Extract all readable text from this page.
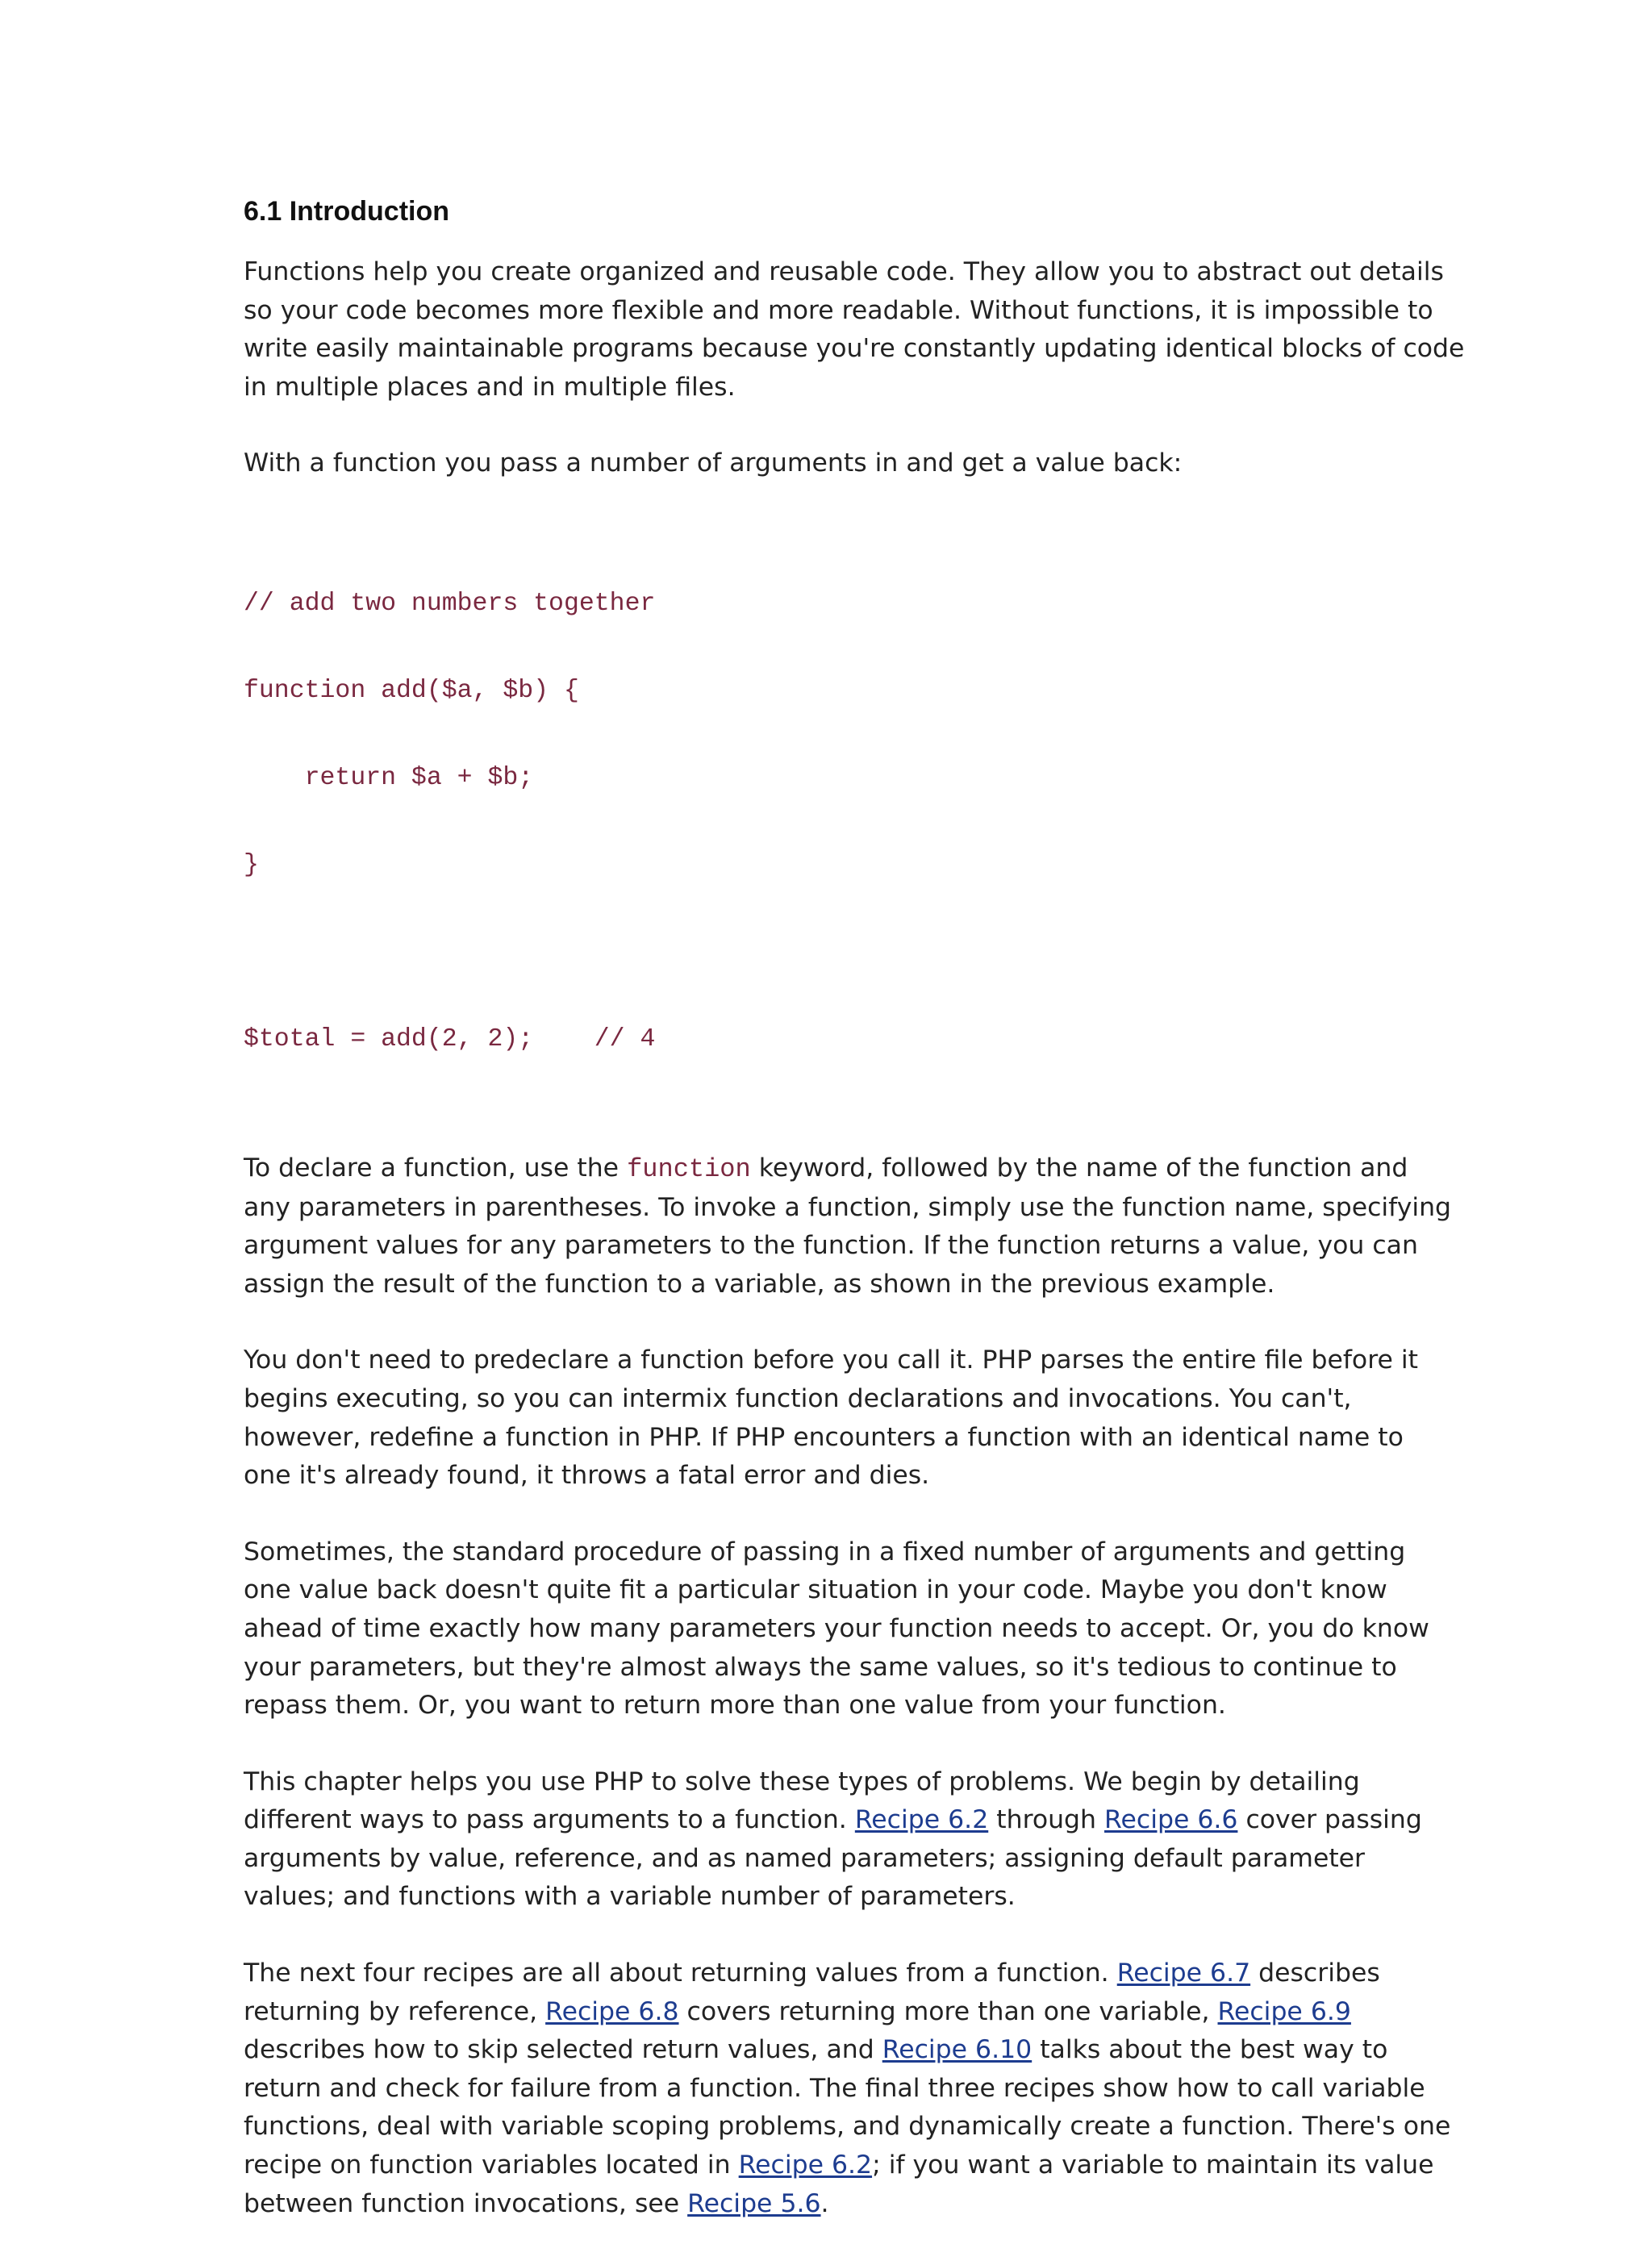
6.1 Introduction
Functions help you create organized and reusable code. They allow you to abstract out details
so your code becomes more flexible and more readable. Without functions, it is impossible to
write easily maintainable programs because you're constantly updating identical blocks of code
in multiple places and in multiple files.
With a function you pass a number of arguments in and get a value back:

// add two numbers together

function add($a, $b) {

return $a + $b;

}

$total = add(2, 2);    // 4

To declare a function, use the function keyword, followed by the name of the function and
any parameters in parentheses. To invoke a function, simply use the function name, specifying
argument values for any parameters to the function. If the function returns a value, you can
assign the result of the function to a variable, as shown in the previous example.
You don't need to predeclare a function before you call it. PHP parses the entire file before it
begins executing, so you can intermix function declarations and invocations. You can't,
however, redefine a function in PHP. If PHP encounters a function with an identical name to
one it's already found, it throws a fatal error and dies.
Sometimes, the standard procedure of passing in a fixed number of arguments and getting
one value back doesn't quite fit a particular situation in your code. Maybe you don't know
ahead of time exactly how many parameters your function needs to accept. Or, you do know
your parameters, but they're almost always the same values, so it's tedious to continue to
repass them. Or, you want to return more than one value from your function.
This chapter helps you use PHP to solve these types of problems. We begin by detailing
different ways to pass arguments to a function. Recipe 6.2 through Recipe 6.6 cover passing
arguments by value, reference, and as named parameters; assigning default parameter
values; and functions with a variable number of parameters.
The next four recipes are all about returning values from a function. Recipe 6.7 describes
returning by reference, Recipe 6.8 covers returning more than one variable, Recipe 6.9
describes how to skip selected return values, and Recipe 6.10 talks about the best way to
return and check for failure from a function. The final three recipes show how to call variable
functions, deal with variable scoping problems, and dynamically create a function. There's one
recipe on function variables located in Recipe 6.2; if you want a variable to maintain its value
between function invocations, see Recipe 5.6.
